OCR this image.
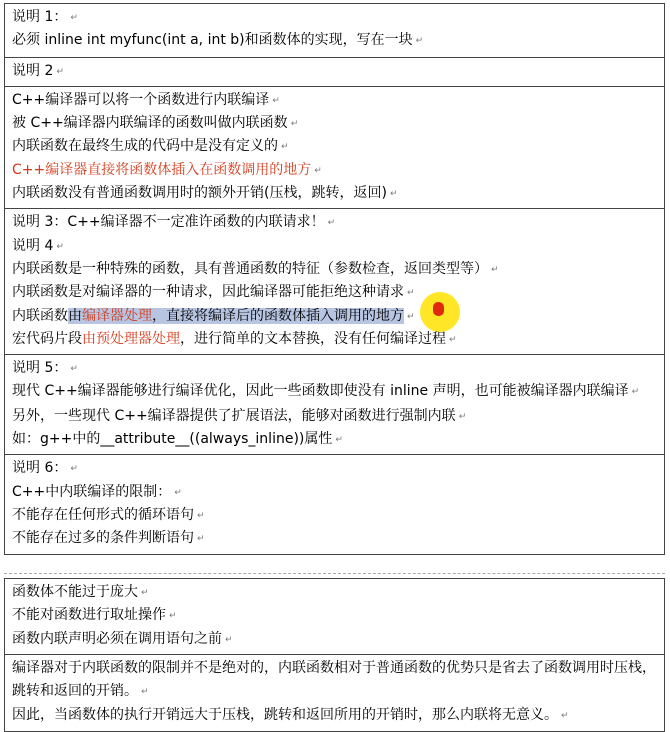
说明 1： ↵
必须 inline int myfunc(int a, int b)和函数体的实现，写在一块 ↵
说明 2 ↵
C++编译器可以将一个函数进行内联编译 ↵
被 C++编译器内联编译的函数叫做内联函数 ↵
内联函数在最终生成的代码中是没有定义的 ↵
C++编译器直接将函数体插入在函数调用的地方 ↵
内联函数没有普通函数调用时的额外开销(压栈，跳转，返回) ↵
说明 3：C++编译器不一定准许函数的内联请求！ ↵
说明 4 ↵
内联函数是一种特殊的函数，具有普通函数的特征（参数检查，返回类型等） ↵
内联函数是对编译器的一种请求，因此编译器可能拒绝这种请求 ↵
内联函数由编译器处理，直接将编译后的函数体插入调用的地方 ↵
宏代码片段由预处理器处理，进行简单的文本替换，没有任何编译过程 ↵
说明 5： ↵
现代 C++编译器能够进行编译优化，因此一些函数即使没有 inline 声明，也可能被编译器内联编译 ↵
另外，一些现代 C++编译器提供了扩展语法，能够对函数进行强制内联 ↵
如：g++中的__attribute__((always_inline))属性 ↵
说明 6： ↵
C++中内联编译的限制： ↵
不能存在任何形式的循环语句 ↵
不能存在过多的条件判断语句 ↵
函数体不能过于庞大 ↵
不能对函数进行取址操作 ↵
函数内联声明必须在调用语句之前 ↵
编译器对于内联函数的限制并不是绝对的，内联函数相对于普通函数的优势只是省去了函数调用时压栈，跳转和返回的开销。 ↵
因此，当函数体的执行开销远大于压栈，跳转和返回所用的开销时，那么内联将无意义。 ↵
